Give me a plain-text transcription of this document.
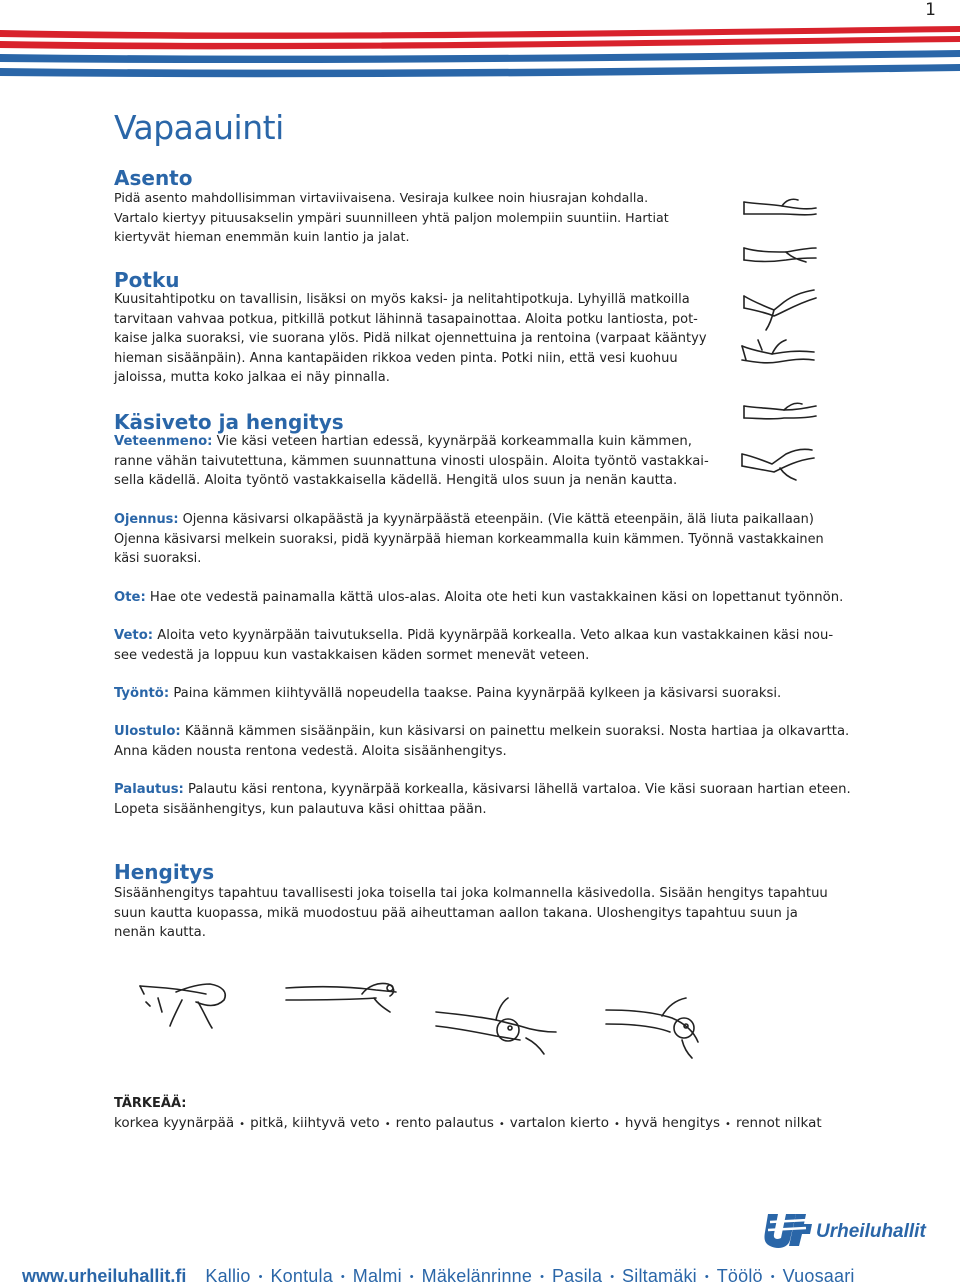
1
Vapaauinti
Asento

Pidä asento mahdollisimman virtaviivaisena. Vesiraja kulkee noin hiusrajan kohdalla.
Vartalo kiertyy pituusakselin ympäri suunnilleen yhtä paljon molempiin suuntiin. Hartiat
kiertyvät hieman enemmän kuin lantio ja jalat.

Potku

Kuusitahtipotku on tavallisin, lisäksi on myös kaksi- ja nelitahtipotkuja. Lyhyillä matkoilla
tarvitaan vahvaa potkua, pitkillä potkut lähinnä tasapainottaa. Aloita potku lantiosta, pot-
kaise jalka suoraksi, vie suorana ylös. Pidä nilkat ojennettuina ja rentoina (varpaat kääntyy
hieman sisäänpäin). Anna kantapäiden rikkoa veden pinta. Potki niin, että vesi kuohuu
jaloissa, mutta koko jalkaa ei näy pinnalla.

Käsiveto ja hengitys

Veteenmeno: Vie käsi veteen hartian edessä, kyynärpää korkeammalla kuin kämmen,
ranne vähän taivutettuna, kämmen suunnattuna vinosti ulospäin. Aloita työntö vastakkai-
sella kädellä. Aloita työntö vastakkaisella kädellä. Hengitä ulos suun ja nenän kautta.

Ojennus: Ojenna käsivarsi olkapäästä ja kyynärpäästä eteenpäin. (Vie kättä eteenpäin, älä liuta paikallaan)
Ojenna käsivarsi melkein suoraksi, pidä kyynärpää hieman korkeammalla kuin kämmen. Työnnä vastakkainen
käsi suoraksi.

Ote: Hae ote vedestä painamalla kättä ulos-alas. Aloita ote heti kun vastakkainen käsi on lopettanut työnnön.

Veto: Aloita veto kyynärpään taivutuksella. Pidä kyynärpää korkealla. Veto alkaa kun vastakkainen käsi nou-
see vedestä ja loppuu kun vastakkaisen käden sormet menevät veteen.

Työntö: Paina kämmen kiihtyvällä nopeudella taakse. Paina kyynärpää kylkeen ja käsivarsi suoraksi.

Ulostulo: Käännä kämmen sisäänpäin, kun käsivarsi on painettu melkein suoraksi. Nosta hartiaa ja olkavartta.
Anna käden nousta rentona vedestä. Aloita sisäänhengitys.

Palautus: Palautu käsi rentona, kyynärpää korkealla, käsivarsi lähellä vartaloa. Vie käsi suoraan hartian eteen.
Lopeta sisäänhengitys, kun palautuva käsi ohittaa pään.

Hengitys

Sisäänhengitys tapahtuu tavallisesti joka toisella tai joka kolmannella käsivedolla. Sisään hengitys tapahtuu
suun kautta kuopassa, mikä muodostuu pää aiheuttaman aallon takana. Uloshengitys tapahtuu suun ja
nenän kautta.

TÄRKEÄÄ:
korkea kyynärpää • pitkä, kiihtyvä veto • rento palautus • vartalon kierto • hyvä hengitys • rennot nilkat
Urheiluhallit
www.urheiluhallit.fi Kallio • Kontula • Malmi • Mäkelänrinne • Pasila • Siltamäki • Töölö • Vuosaari
